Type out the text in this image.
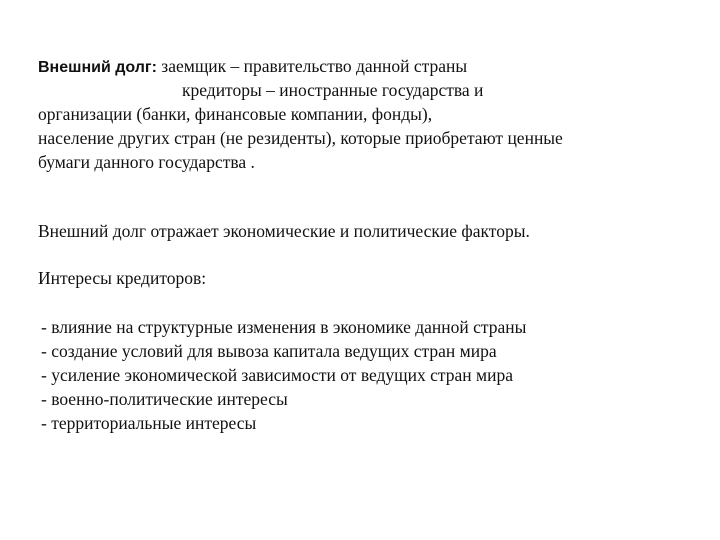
Внешний долг: заемщик – правительство данной страны
кредиторы – иностранные государства и
организации (банки, финансовые компании, фонды),
население других стран (не резиденты), которые приобретают ценные
бумаги данного государства .
Внешний долг отражает экономические и политические факторы.
Интересы кредиторов:
- влияние на структурные изменения в экономике данной страны
- создание условий для вывоза капитала ведущих стран мира
- усиление экономической зависимости от ведущих стран мира
- военно-политические интересы
- территориальные интересы
